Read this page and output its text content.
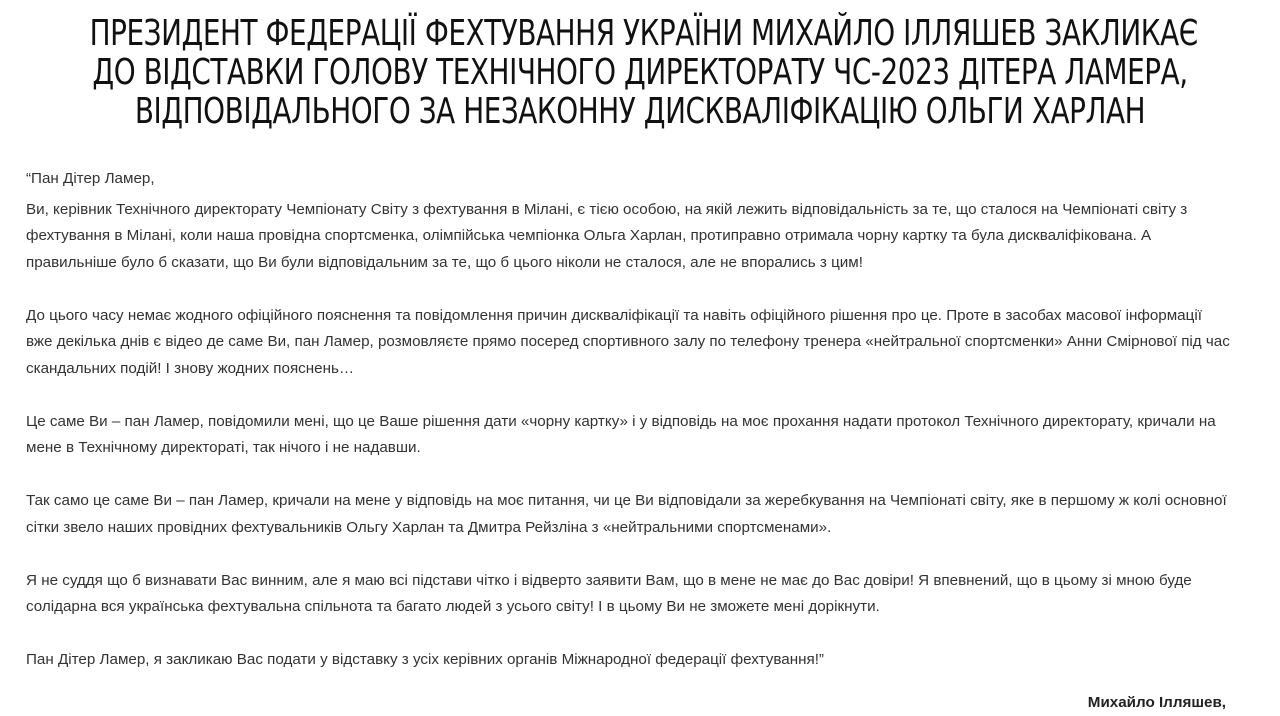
ПРЕЗИДЕНТ ФЕДЕРАЦІЇ ФЕХТУВАННЯ УКРАЇНИ МИХАЙЛО ІЛЛЯШЕВ ЗАКЛИКАЄ
ДО ВІДСТАВКИ ГОЛОВУ ТЕХНІЧНОГО ДИРЕКТОРАТУ ЧС-2023 ДІТЕРА ЛАМЕРА,
ВІДПОВІДАЛЬНОГО ЗА НЕЗАКОННУ ДИСКВАЛІФІКАЦІЮ ОЛЬГИ ХАРЛАН

“Пан Дітер Ламер,

Ви, керівник Технічного директорату Чемпіонату Світу з фехтування в Мілані, є тією особою, на якій лежить відповідальність за те, що сталося на Чемпіонаті світу з фехтування в Мілані, коли наша провідна спортсменка, олімпійська чемпіонка Ольга Харлан, протиправно отримала чорну картку та була дискваліфікована. А правильніше було б сказати, що Ви були відповідальним за те, що б цього ніколи не сталося, але не впорались з цим!

До цього часу немає жодного офіційного пояснення та повідомлення причин дискваліфікації та навіть офіційного рішення про це. Проте в засобах масової інформації вже декілька днів є відео де саме Ви, пан Ламер, розмовляєте прямо посеред спортивного залу по телефону тренера «нейтральної спортсменки» Анни Смірнової під час скандальних подій! І знову жодних пояснень…

Це саме Ви – пан Ламер, повідомили мені, що це Ваше рішення дати «чорну картку» і у відповідь на моє прохання надати протокол Технічного директорату, кричали на мене в Технічному директораті, так нічого і не надавши.

Так само це саме Ви – пан Ламер, кричали на мене у відповідь на моє питання, чи це Ви відповідали за жеребкування на Чемпіонаті світу, яке в першому ж колі основної сітки звело наших провідних фехтувальників Ольгу Харлан та Дмитра Рейзліна з «нейтральними спортсменами».

Я не суддя що б визнавати Вас винним, але я маю всі підстави чітко і відверто заявити Вам, що в мене не має до Вас довіри! Я впевнений, що в цьому зі мною буде солідарна вся українська фехтувальна спільнота та багато людей з усього світу! І в цьому Ви не зможете мені дорікнути.

Пан Дітер Ламер, я закликаю Вас подати у відставку з усіх керівних органів Міжнародної федерації фехтування!”

Михайло Ілляшев,
